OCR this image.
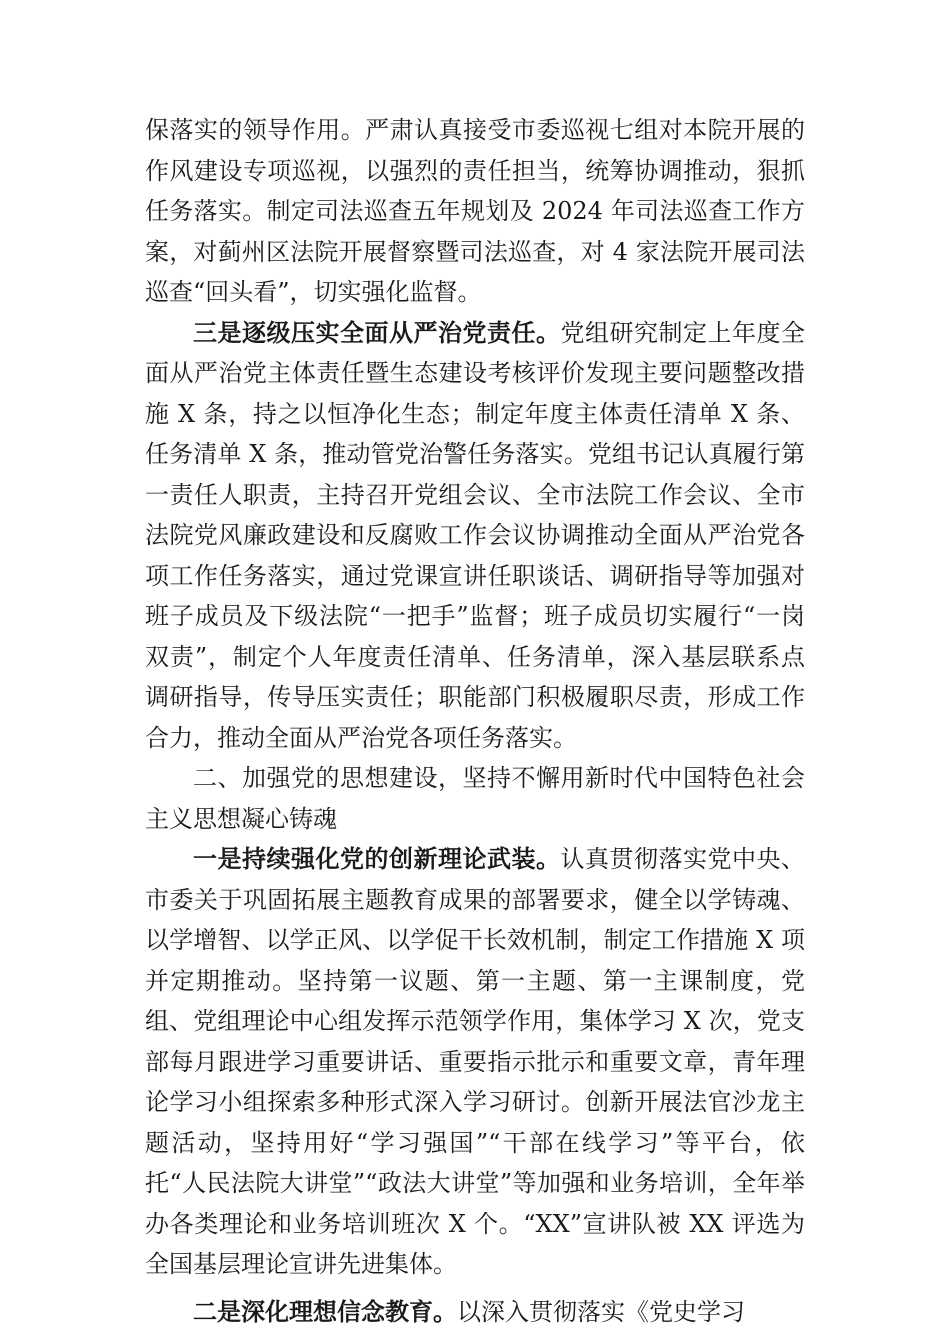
保落实的领导作用。严肃认真接受市委巡视七组对本院开展的作风建设专项巡视，以强烈的责任担当，统筹协调推动，狠抓任务落实。制定司法巡查五年规划及 2024 年司法巡查工作方案，对蓟州区法院开展督察暨司法巡查，对 4 家法院开展司法巡查“回头看”，切实强化监督。

三是逐级压实全面从严治党责任。党组研究制定上年度全面从严治党主体责任暨生态建设考核评价发现主要问题整改措施 X 条，持之以恒净化生态；制定年度主体责任清单 X 条、任务清单 X 条，推动管党治警任务落实。党组书记认真履行第一责任人职责，主持召开党组会议、全市法院工作会议、全市法院党风廉政建设和反腐败工作会议协调推动全面从严治党各项工作任务落实，通过党课宣讲任职谈话、调研指导等加强对班子成员及下级法院“一把手”监督；班子成员切实履行“一岗双责”，制定个人年度责任清单、任务清单，深入基层联系点调研指导，传导压实责任；职能部门积极履职尽责，形成工作合力，推动全面从严治党各项任务落实。

二、加强党的思想建设，坚持不懈用新时代中国特色社会主义思想凝心铸魂

一是持续强化党的创新理论武装。认真贯彻落实党中央、市委关于巩固拓展主题教育成果的部署要求，健全以学铸魂、以学增智、以学正风、以学促干长效机制，制定工作措施 X 项并定期推动。坚持第一议题、第一主题、第一主课制度，党组、党组理论中心组发挥示范领学作用，集体学习 X 次，党支部每月跟进学习重要讲话、重要指示批示和重要文章，青年理论学习小组探索多种形式深入学习研讨。创新开展法官沙龙主题活动，坚持用好“学习强国”“干部在线学习”等平台，依托“人民法院大讲堂”“政法大讲堂”等加强和业务培训，全年举办各类理论和业务培训班次 X 个。“XX”宣讲队被 XX 评选为全国基层理论宣讲先进集体。

二是深化理想信念教育。以深入贯彻落实《党史学习
